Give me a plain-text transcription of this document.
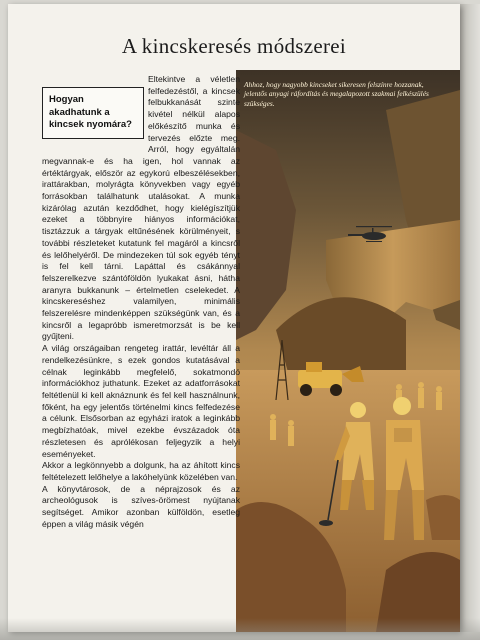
A kincskeresés módszerei
Ahhoz, hogy nagyobb kincseket sikeresen felszínre hozzanak, jelentős anyagi ráfordítás és megalapozott szakmai felkészülés szükséges.
Hogyan akadhatunk a kincsek nyomára?

Eltekintve a véletlen felfedezéstől, a kincsek felbukkanását szinte kivétel nélkül alapos előkészítő munka és tervezés előzte meg. Arról, hogy egyáltalán megvannak-e és ha igen, hol vannak az értéktárgyak, először az egykorú elbeszélésekben, irattárakban, molyrágta könyvekben vagy egyéb forrásokban találhatunk utalásokat. A munka kizárólag azután kezdődhet, hogy kielégíszítjük ezeket a többnyire hiányos információkat, tisztázzuk a tárgyak eltűnésének körülményeit, s további részleteket kutatunk fel magáról a kincsről és lelőhelyéről. De mindezeken túl sok egyéb tényt is fel kell tárni. Lapáttal és csákánnyal felszerelkezve szántóföldön lyukakat ásni, hátha aranyra bukkanunk – értelmetlen cselekedet. A kincskereséshez valamilyen, minimális felszerelésre mindenképpen szükségünk van, és a kincsről a legapróbb ismeretmorzsát is be kell gyűjteni.

A világ országaiban rengeteg irattár, levéltár áll a rendelkezésünkre, s ezek gondos kutatásával a célnak leginkább megfelelő, sokatmondó információkhoz juthatunk. Ezeket az adatforrásokat feltétlenül ki kell aknáznunk és fel kell használnunk, főként, ha egy jelentős történelmi kincs felfedezése a célunk. Elsősorban az egyházi iratok a leginkább megbízhatóak, mivel ezekbe évszázadok óta részletesen és aprólékosan feljegyzik a helyi eseményeket.

Akkor a legkönnyebb a dolgunk, ha az áhított kincs feltételezett lelőhelye a lakóhelyünk közelében van.

A könyvtárosok, de a néprajzosok és az archeológusok is szíves-örömest nyújtanak segítséget. Amikor azonban külföldön, esetleg éppen a világ másik végén
